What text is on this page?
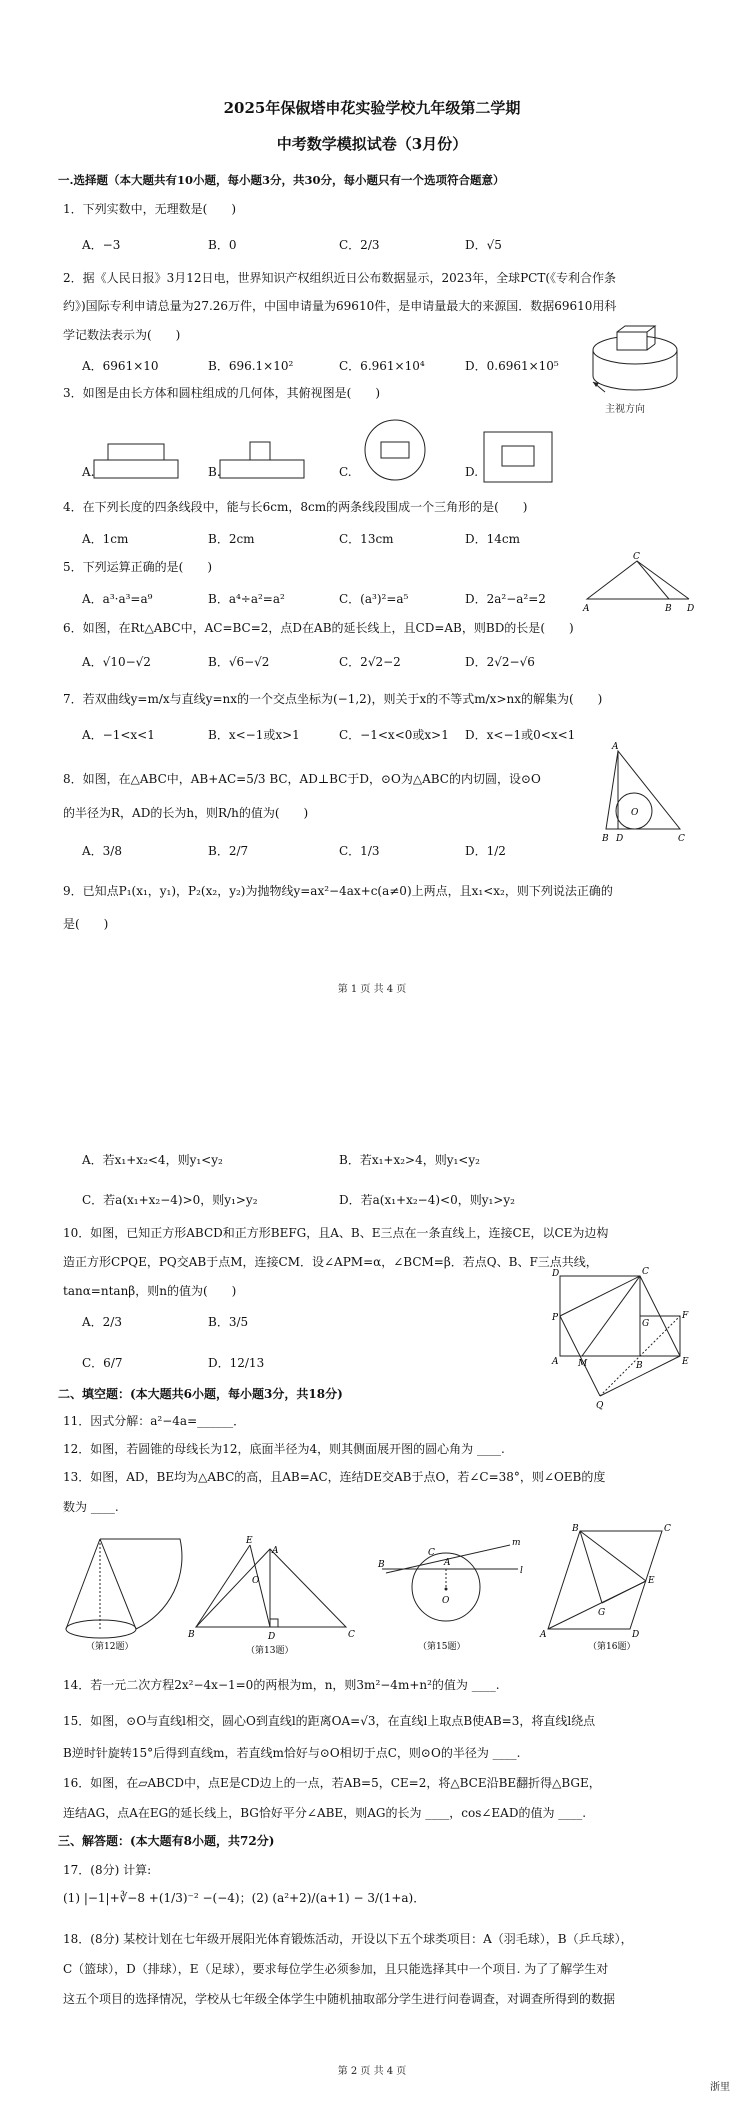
2025年保俶塔申花实验学校九年级第二学期
中考数学模拟试卷（3月份）
一.选择题（本大题共有10小题，每小题3分，共30分，每小题只有一个选项符合题意）
1．下列实数中，无理数是(　　)
A．−3	B．0	C．2/3	D．√5
2．据《人民日报》3月12日电，世界知识产权组织近日公布数据显示，2023年，全球PCT(《专利合作条
约》)国际专利申请总量为27.26万件，中国申请量为69610件，是申请量最大的来源国．数据69610用科
学记数法表示为(　　)
A．6961×10	B．696.1×10²	C．6.961×10⁴	D．0.6961×10⁵
主视方向
3．如图是由长方体和圆柱组成的几何体，其俯视图是(　　)
A.	B.	C.	D.
4．在下列长度的四条线段中，能与长6cm，8cm的两条线段围成一个三角形的是(　　)
A．1cm	B．2cm	C．13cm	D．14cm
5．下列运算正确的是(　　)
A．a³·a³=a⁹	B．a⁴÷a²=a²	C．(a³)²=a⁵	D．2a²−a²=2
A
C
B D
6．如图，在Rt△ABC中，AC=BC=2，点D在AB的延长线上，且CD=AB，则BD的长是(　　)
A．√10−√2	B．√6−√2	C．2√2−2	D．2√2−√6
7．若双曲线y=m/x与直线y=nx的一个交点坐标为(−1,2)，则关于x的不等式m/x>nx的解集为(　　)
A．−1<x<1	B．x<−1或x>1	C．−1<x<0或x>1 D．x<−1或0<x<1
A
B D	C
O
8．如图，在△ABC中，AB+AC=5/3 BC，AD⊥BC于D，⊙O为△ABC的内切圆，设⊙O
的半径为R，AD的长为h，则R/h的值为(　　)
A．3/8	B．2/7	C．1/3	D．1/2
9．已知点P₁(x₁，y₁)，P₂(x₂，y₂)为抛物线y=ax²−4ax+c(a≠0)上两点，且x₁<x₂，则下列说法正确的
是(　　)
第 1 页 共 4 页
A．若x₁+x₂<4，则y₁<y₂	B．若x₁+x₂>4，则y₁<y₂
C．若a(x₁+x₂−4)>0，则y₁>y₂	D．若a(x₁+x₂−4)<0，则y₁>y₂
10．如图，已知正方形ABCD和正方形BEFG，且A、B、E三点在一条直线上，连接CE，以CE为边构
造正方形CPQE，PQ交AB于点M，连接CM．设∠APM=α，∠BCM=β．若点Q、B、F三点共线，
tanα=ntanβ，则n的值为(　　)
A．2/3	B．3/5
C．6/7	D．12/13
D	C
P
A M	B	E
G
F
Q
二、填空题：(本大题共6小题，每小题3分，共18分)
11．因式分解：a²−4a=______．
12．如图，若圆锥的母线长为12，底面半径为4，则其侧面展开图的圆心角为 ____.
13．如图，AD，BE均为△ABC的高，且AB=AC，连结DE交AB于点O，若∠C=38°，则∠OEB的度
数为 ____.
（第12题）
B
A
E
O
D	C
（第13题）
B	A
C
m
l
O
（第15题）
B	C
E
G
A	D
（第16题）
14．若一元二次方程2x²−4x−1=0的两根为m，n，则3m²−4m+n²的值为 ____.
15．如图，⊙O与直线l相交，圆心O到直线l的距离OA=√3，在直线l上取点B使AB=3，将直线l绕点
B逆时针旋转15°后得到直线m，若直线m恰好与⊙O相切于点C，则⊙O的半径为 ____.
16．如图，在▱ABCD中，点E是CD边上的一点，若AB=5，CE=2，将△BCE沿BE翻折得△BGE，
连结AG，点A在EG的延长线上，BG恰好平分∠ABE，则AG的长为 ____，cos∠EAD的值为 ____.
三、解答题：(本大题有8小题，共72分)
17．(8分) 计算:
(1) |−1|+∛−8 +(1/3)⁻² −(−4)；(2) (a²+2)/(a+1) − 3/(1+a)．
18．(8分) 某校计划在七年级开展阳光体育锻炼活动，开设以下五个球类项目：A（羽毛球），B（乒乓球），
C（篮球），D（排球），E（足球），要求每位学生必须参加，且只能选择其中一个项目. 为了了解学生对
这五个项目的选择情况，学校从七年级全体学生中随机抽取部分学生进行问卷调查，对调查所得到的数据
第 2 页 共 4 页
浙里
